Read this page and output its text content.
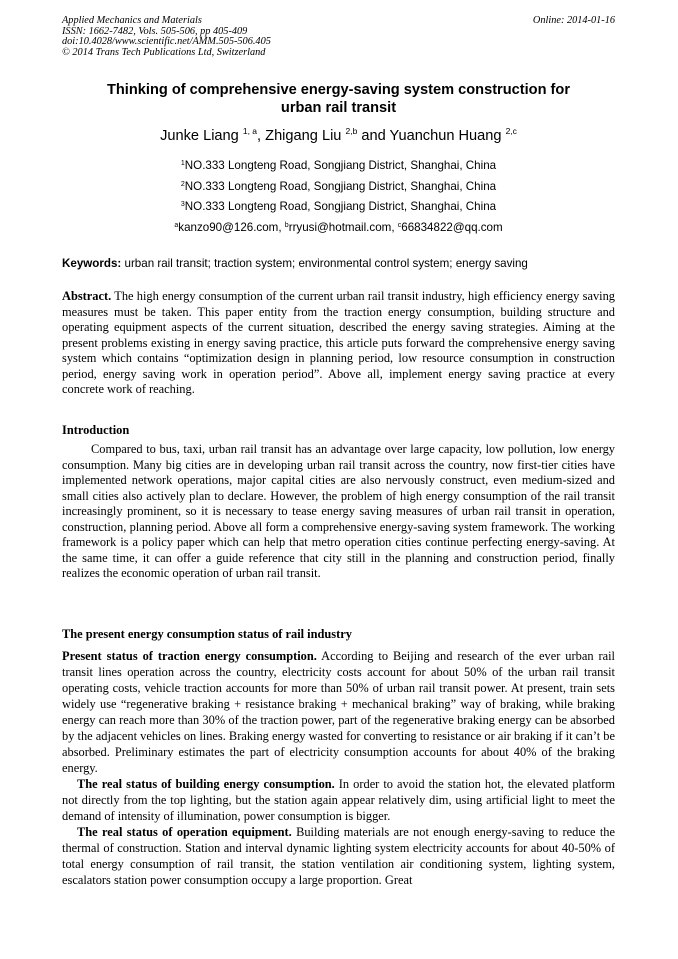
Applied Mechanics and Materials
ISSN: 1662-7482, Vols. 505-506, pp 405-409
doi:10.4028/www.scientific.net/AMM.505-506.405
© 2014 Trans Tech Publications Ltd, Switzerland
Online: 2014-01-16
Thinking of comprehensive energy-saving system construction for
urban rail transit
Junke Liang $^{1, a}$, Zhigang Liu $^{2,b}$ and Yuanchun Huang $^{2,c}$
$^1$NO.333 Longteng Road, Songjiang District, Shanghai, China
$^2$NO.333 Longteng Road, Songjiang District, Shanghai, China
$^3$NO.333 Longteng Road, Songjiang District, Shanghai, China
$^a$kanzo90@126.com, $^b$rryusi@hotmail.com, $^c$66834822@qq.com
Keywords: urban rail transit; traction system; environmental control system; energy saving
Abstract. The high energy consumption of the current urban rail transit industry, high efficiency energy saving measures must be taken. This paper entity from the traction energy consumption, building structure and operating equipment aspects of the current situation, described the energy saving strategies. Aiming at the present problems existing in energy saving practice, this article puts forward the comprehensive energy saving system which contains “optimization design in planning period, low resource consumption in construction period, energy saving work in operation period”. Above all, implement energy saving practice at every concrete work of reaching.
Introduction

Compared to bus, taxi, urban rail transit has an advantage over large capacity, low pollution, low energy consumption. Many big cities are in developing urban rail transit across the country, now first-tier cities have implemented network operations, major capital cities are also nervously construct, even medium-sized and small cities also actively plan to declare. However, the problem of high energy consumption of the rail transit increasingly prominent, so it is necessary to tease energy saving measures of urban rail transit in operation, construction, planning period. Above all form a comprehensive energy-saving system framework. The working framework is a policy paper which can help that metro operation cities continue perfecting energy-saving. At the same time, it can offer a guide reference that city still in the planning and construction period, finally realizes the economic operation of urban rail transit.

The present energy consumption status of rail industry

Present status of traction energy consumption. According to Beijing and research of the ever urban rail transit lines operation across the country, electricity costs account for about 50% of the urban rail transit operating costs, vehicle traction accounts for more than 50% of urban rail transit power. At present, train sets widely use “regenerative braking + resistance braking + mechanical braking” way of braking, while braking energy can reach more than 30% of the traction power, part of the regenerative braking energy can be absorbed by the adjacent vehicles on lines. Braking energy wasted for converting to resistance or air braking if it can’t be absorbed. Preliminary estimates the part of electricity consumption accounts for about 40% of the braking energy.

The real status of building energy consumption. In order to avoid the station hot, the elevated platform not directly from the top lighting, but the station again appear relatively dim, using artificial light to meet the demand of intensity of illumination, power consumption is bigger.

The real status of operation equipment. Building materials are not enough energy-saving to reduce the thermal of construction. Station and interval dynamic lighting system electricity accounts for about 40-50% of total energy consumption of rail transit, the station ventilation air conditioning system, lighting system, escalators station power consumption occupy a large proportion. Great
